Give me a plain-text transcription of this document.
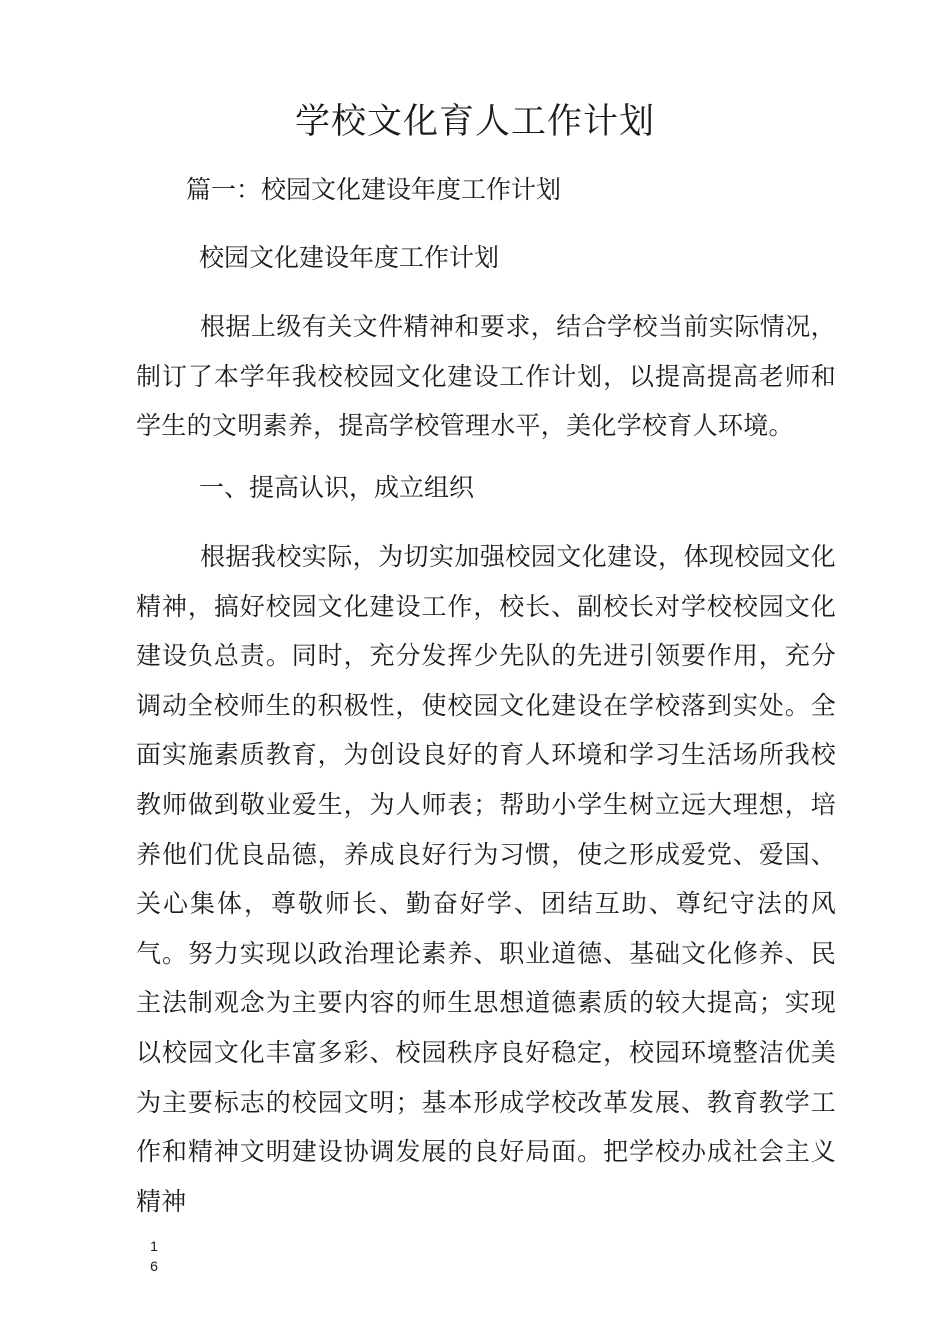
学校文化育人工作计划

篇一：校园文化建设年度工作计划

校园文化建设年度工作计划

根据上级有关文件精神和要求，结合学校当前实际情况，制订了本学年我校校园文化建设工作计划，以提高提高老师和学生的文明素养，提高学校管理水平，美化学校育人环境。

一、提高认识，成立组织

根据我校实际，为切实加强校园文化建设，体现校园文化精神，搞好校园文化建设工作，校长、副校长对学校校园文化建设负总责。同时，充分发挥少先队的先进引领要作用，充分调动全校师生的积极性，使校园文化建设在学校落到实处。全面实施素质教育，为创设良好的育人环境和学习生活场所我校教师做到敬业爱生，为人师表；帮助小学生树立远大理想，培养他们优良品德，养成良好行为习惯，使之形成爱党、爱国、关心集体，尊敬师长、勤奋好学、团结互助、尊纪守法的风气。努力实现以政治理论素养、职业道德、基础文化修养、民主法制观念为主要内容的师生思想道德素质的较大提高；实现以校园文化丰富多彩、校园秩序良好稳定，校园环境整洁优美为主要标志的校园文明；基本形成学校改革发展、教育教学工作和精神文明建设协调发展的良好局面。把学校办成社会主义精神

16
